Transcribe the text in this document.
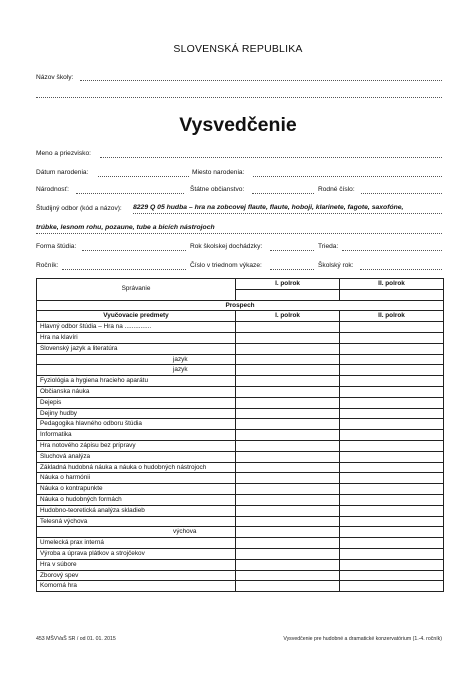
SLOVENSKÁ REPUBLIKA
Názov školy:
Vysvedčenie
Meno a priezvisko:
Dátum narodenia:	Miesto narodenia:
Národnosť:	Štátne občianstvo:	Rodné číslo:
Študijný odbor (kód a názov): 8229 Q 05 hudba – hra na zobcovej flaute, flaute, hoboji, klarinete, fagote, saxofóne,
trúbke, lesnom rohu, pozaune, tube a bicích nástrojoch
Forma štúdia:	Rok školskej dochádzky:	Trieda:
Ročník:	Číslo v triednom výkaze:	Školský rok:
Správanie	I. polrok	II. polrok

Prospech		
Vyučovacie predmety	I. polrok	II. polrok
Hlavný odbor štúdia – Hra na ...............		
Hra na klavíri		
Slovenský jazyk a literatúra		
jazyk		
jazyk		
Fyziológia a hygiena hracieho aparátu		
Občianska náuka		
Dejepis		
Dejiny hudby		
Pedagogika hlavného odboru štúdia		
Informatika		
Hra notového zápisu bez prípravy		
Sluchová analýza		
Základná hudobná náuka a náuka o hudobných nástrojoch		
Náuka o harmónii		
Náuka o kontrapunkte		
Náuka o hudobných formách		
Hudobno-teoretická analýza skladieb		
Telesná výchova		
výchova		
Umelecká prax interná		
Výroba a úprava plátkov a strojčekov		
Hra v súbore		
Zborový spev		
Komorná hra		
453 MŠVVaŠ SR / od 01. 01. 2015	Vysvedčenie pre hudobné a dramatické konzervatórium (1.-4. ročník)
